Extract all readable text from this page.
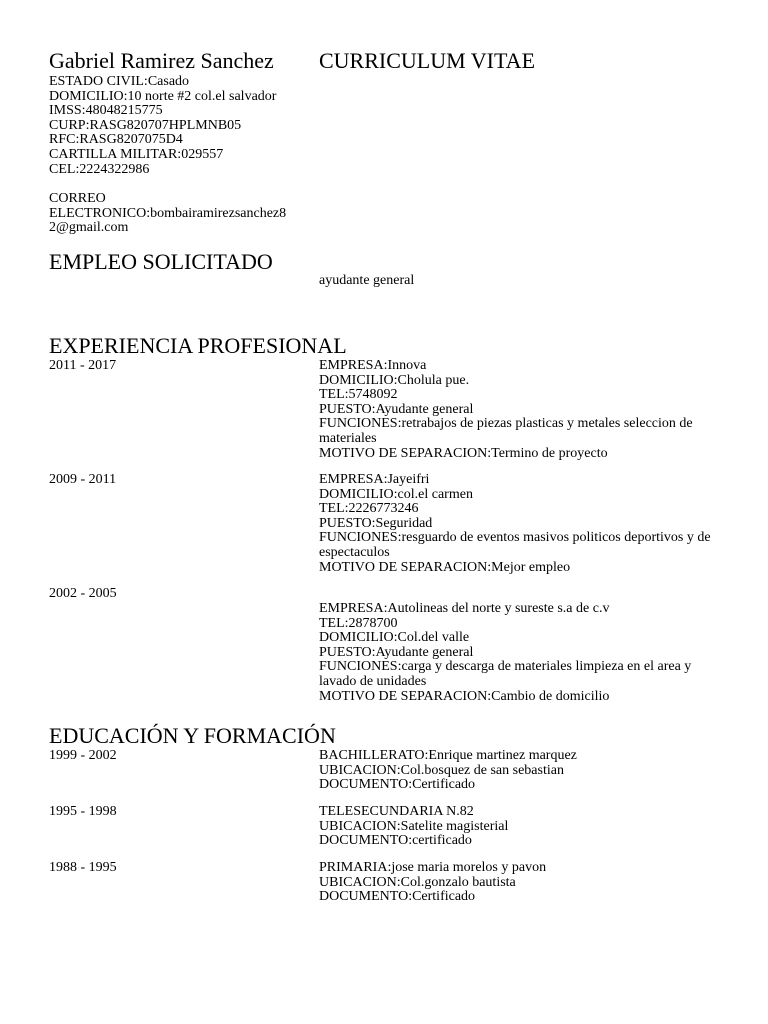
Gabriel Ramirez Sanchez CURRICULUM VITAE
ESTADO CIVIL:Casado
DOMICILIO:10 norte #2 col.el salvador
IMSS:48048215775
CURP:RASG820707HPLMNB05
RFC:RASG8207075D4
CARTILLA MILITAR:029557
CEL:2224322986
CORREO
ELECTRONICO:bombairamirezsanchez8
2@gmail.com
EMPLEO SOLICITADO
ayudante general
EXPERIENCIA PROFESIONAL
2011 - 2017	EMPRESA:Innova
DOMICILIO:Cholula pue.
TEL:5748092
PUESTO:Ayudante general
FUNCIONES:retrabajos de piezas plasticas y metales seleccion de materiales
MOTIVO DE SEPARACION:Termino de proyecto
2009 - 2011	EMPRESA:Jayeifri
DOMICILIO:col.el carmen
TEL:2226773246
PUESTO:Seguridad
FUNCIONES:resguardo de eventos masivos politicos deportivos y de espectaculos
MOTIVO DE SEPARACION:Mejor empleo
2002 - 2005
EMPRESA:Autolineas del norte y sureste s.a de c.v
TEL:2878700
DOMICILIO:Col.del valle
PUESTO:Ayudante general
FUNCIONES:carga y descarga de materiales limpieza en el area y lavado de unidades
MOTIVO DE SEPARACION:Cambio de domicilio
EDUCACIÓN Y FORMACIÓN
1999 - 2002	BACHILLERATO:Enrique martinez marquez
UBICACION:Col.bosquez de san sebastian
DOCUMENTO:Certificado
1995 - 1998	TELESECUNDARIA N.82
UBICACION:Satelite magisterial
DOCUMENTO:certificado
1988 - 1995	PRIMARIA:jose maria morelos y pavon
UBICACION:Col.gonzalo bautista
DOCUMENTO:Certificado
